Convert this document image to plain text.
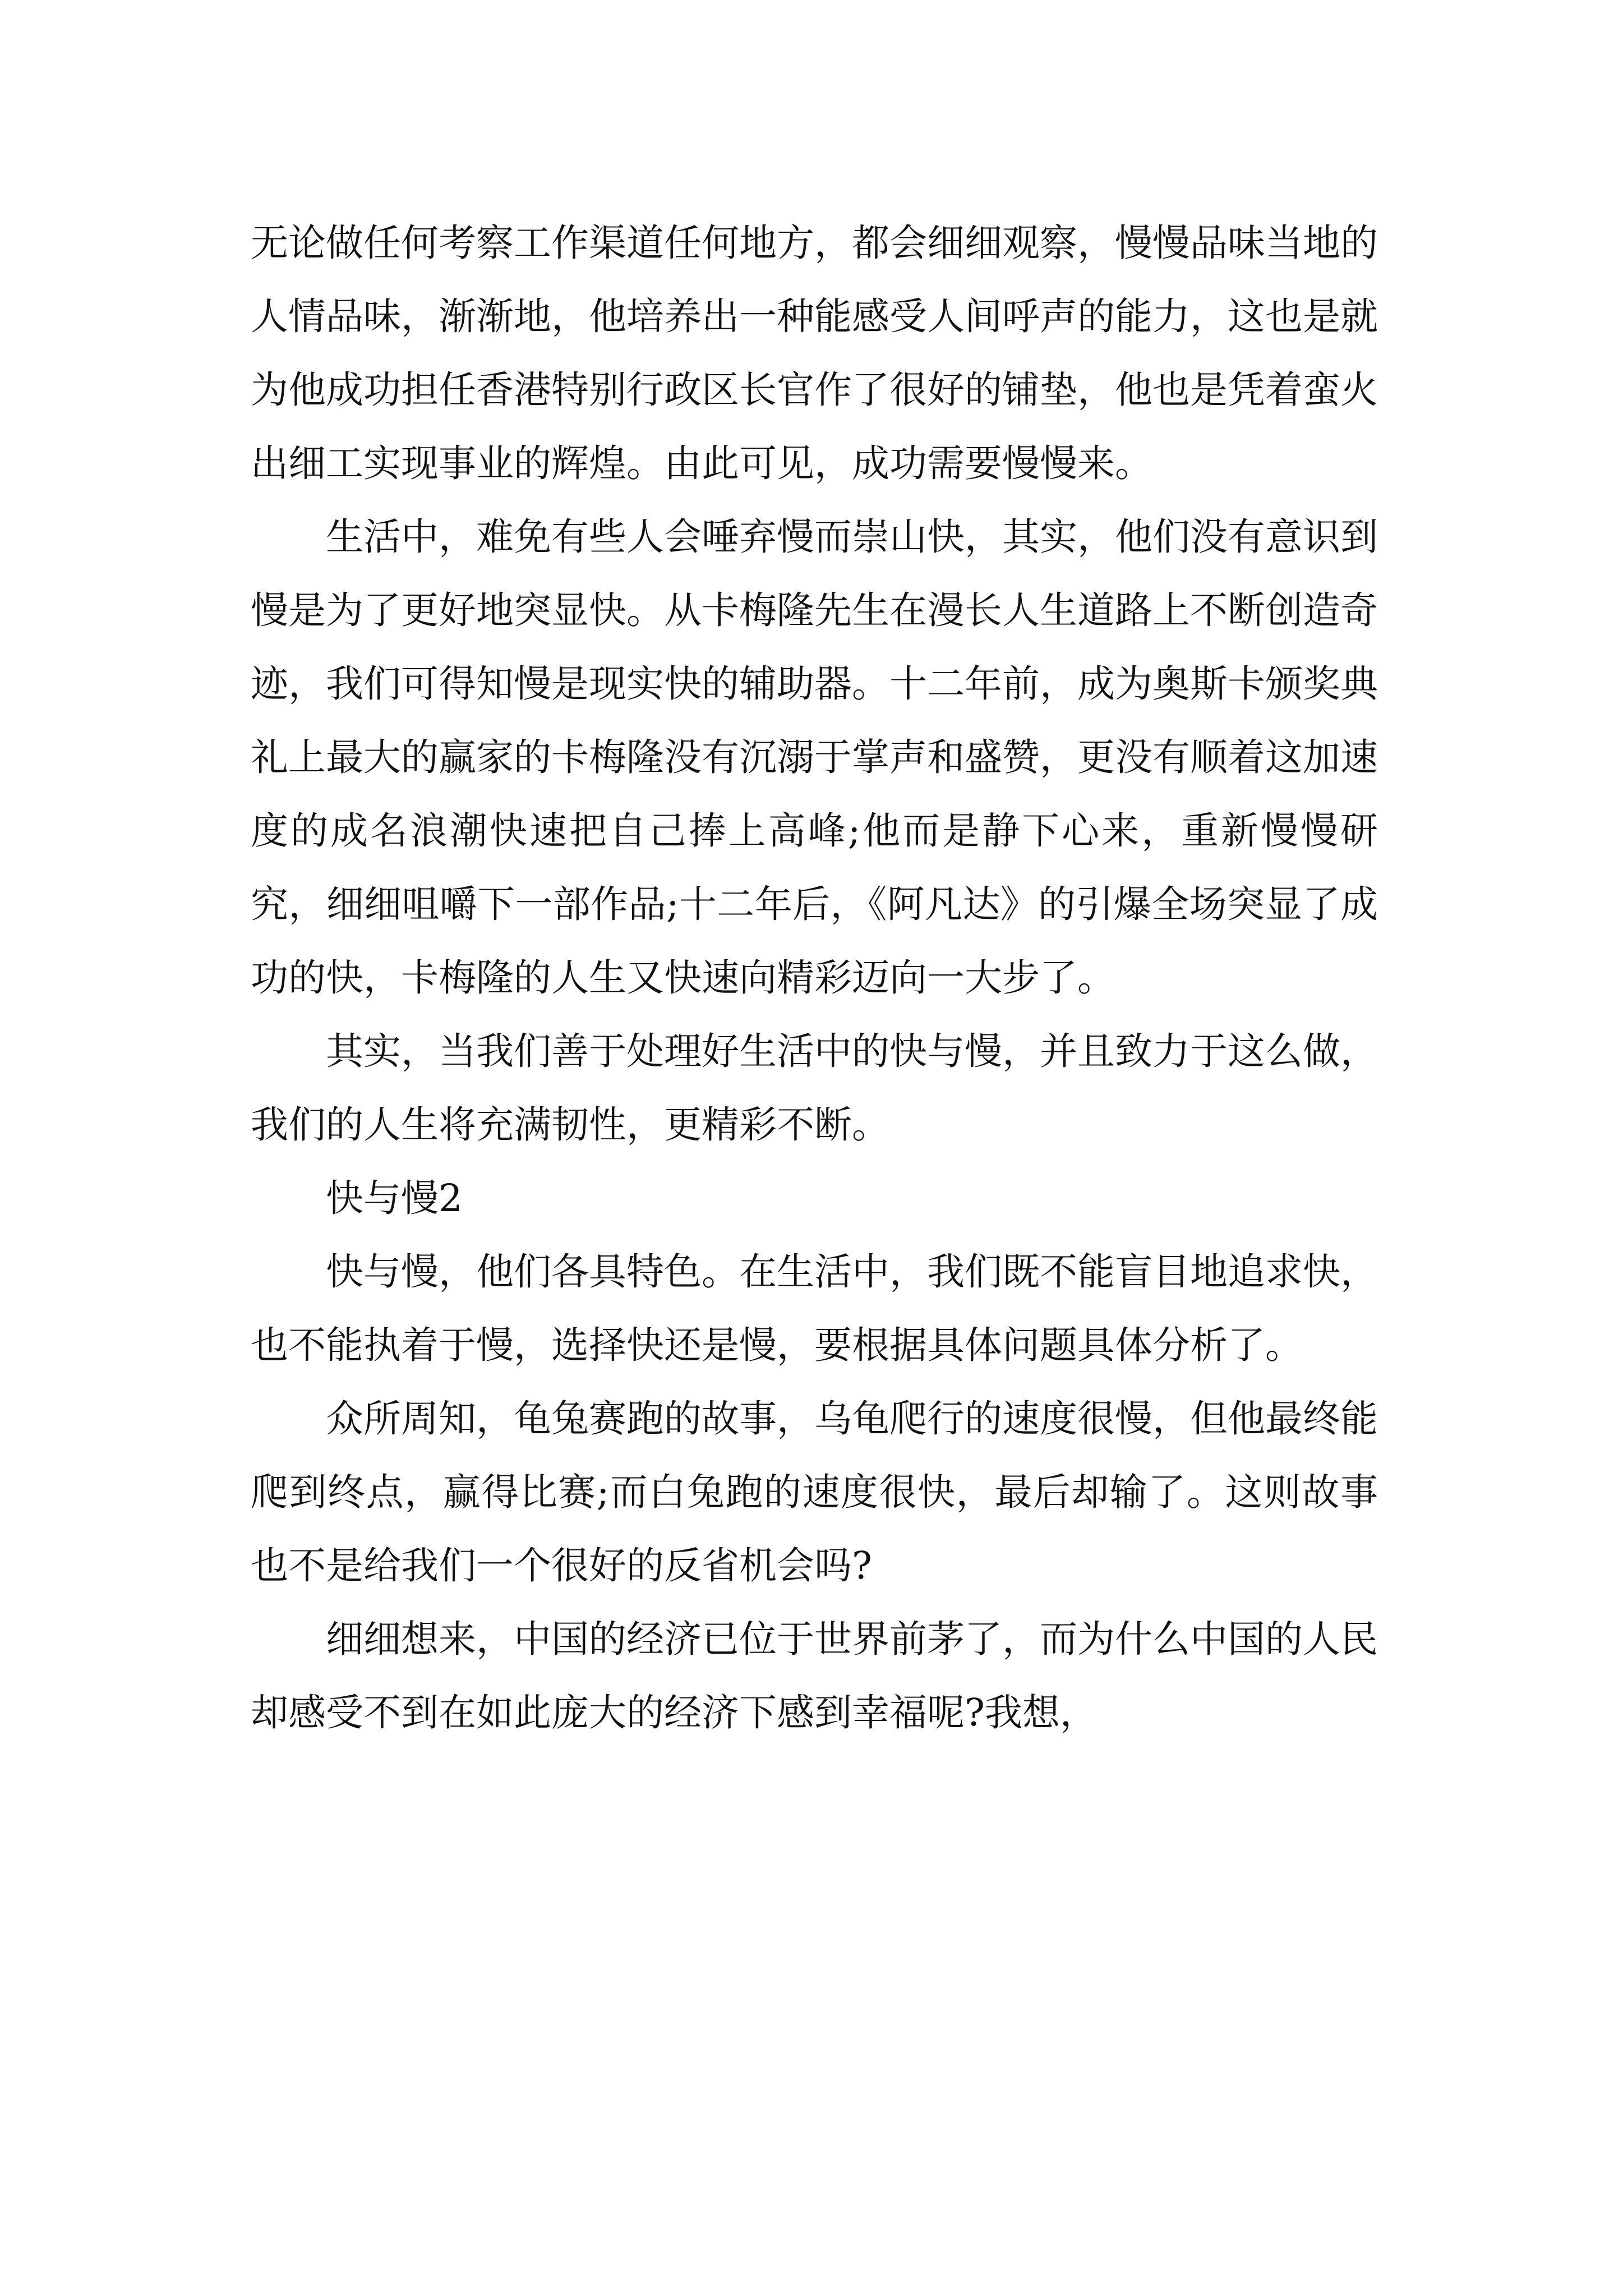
无论做任何考察工作渠道任何地方，都会细细观察，慢慢品味当地的人情品味，渐渐地，他培养出一种能感受人间呼声的能力，这也是就为他成功担任香港特别行政区长官作了很好的铺垫，他也是凭着蛮火出细工实现事业的辉煌。由此可见，成功需要慢慢来。

生活中，难免有些人会唾弃慢而崇山快，其实，他们没有意识到慢是为了更好地突显快。从卡梅隆先生在漫长人生道路上不断创造奇迹，我们可得知慢是现实快的辅助器。十二年前，成为奥斯卡颁奖典礼上最大的赢家的卡梅隆没有沉溺于掌声和盛赞，更没有顺着这加速度的成名浪潮快速把自己捧上高峰;他而是静下心来，重新慢慢研究，细细咀嚼下一部作品;十二年后，《阿凡达》的引爆全场突显了成功的快，卡梅隆的人生又快速向精彩迈向一大步了。

其实，当我们善于处理好生活中的快与慢，并且致力于这么做，我们的人生将充满韧性，更精彩不断。

快与慢2

快与慢，他们各具特色。在生活中，我们既不能盲目地追求快，也不能执着于慢，选择快还是慢，要根据具体问题具体分析了。

众所周知，龟兔赛跑的故事，乌龟爬行的速度很慢，但他最终能爬到终点，赢得比赛;而白兔跑的速度很快，最后却输了。这则故事也不是给我们一个很好的反省机会吗?

细细想来，中国的经济已位于世界前茅了，而为什么中国的人民却感受不到在如此庞大的经济下感到幸福呢?我想，
